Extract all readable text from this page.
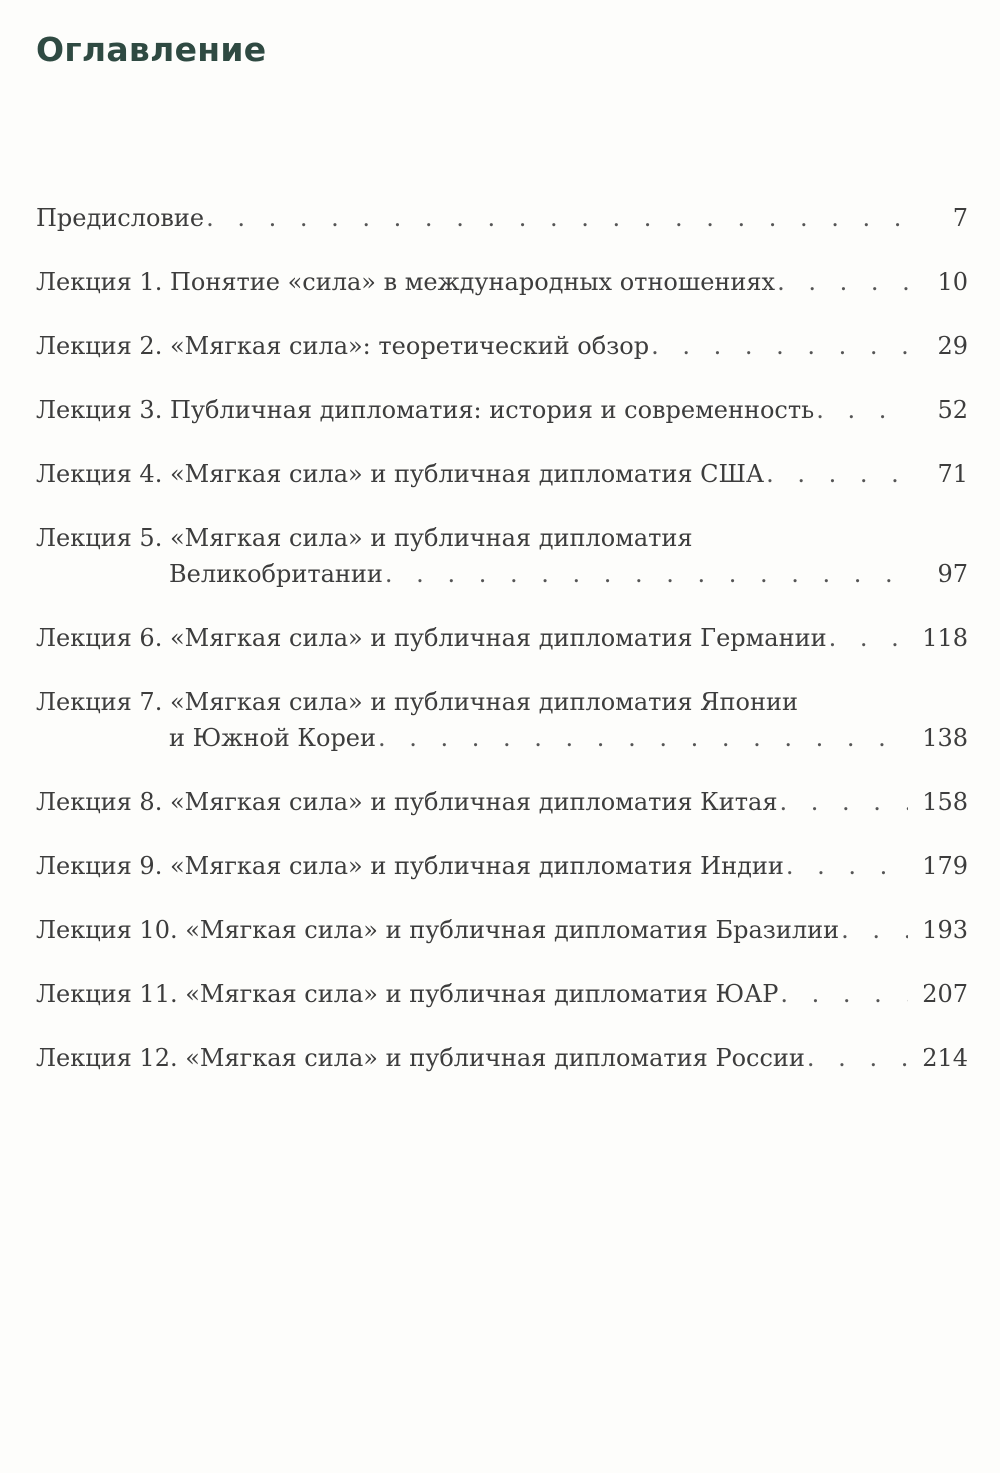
Оглавление
Предисловие . . .	7
Лекция 1. Понятие «сила» в международных отношениях . . .	10
Лекция 2. «Мягкая сила»: теоретический обзор . . .	29
Лекция 3. Публичная дипломатия: история и современность . . .	52
Лекция 4. «Мягкая сила» и публичная дипломатия США . . .	71
Лекция 5. «Мягкая сила» и публичная дипломатия
Великобритании . . .	97
Лекция 6. «Мягкая сила» и публичная дипломатия Германии . . .	118
Лекция 7. «Мягкая сила» и публичная дипломатия Японии
и Южной Кореи . . .	138
Лекция 8. «Мягкая сила» и публичная дипломатия Китая . . .	158
Лекция 9. «Мягкая сила» и публичная дипломатия Индии . . .	179
Лекция 10. «Мягкая сила» и публичная дипломатия Бразилии . . .	193
Лекция 11. «Мягкая сила» и публичная дипломатия ЮАР . . .	207
Лекция 12. «Мягкая сила» и публичная дипломатия России . . .	214
